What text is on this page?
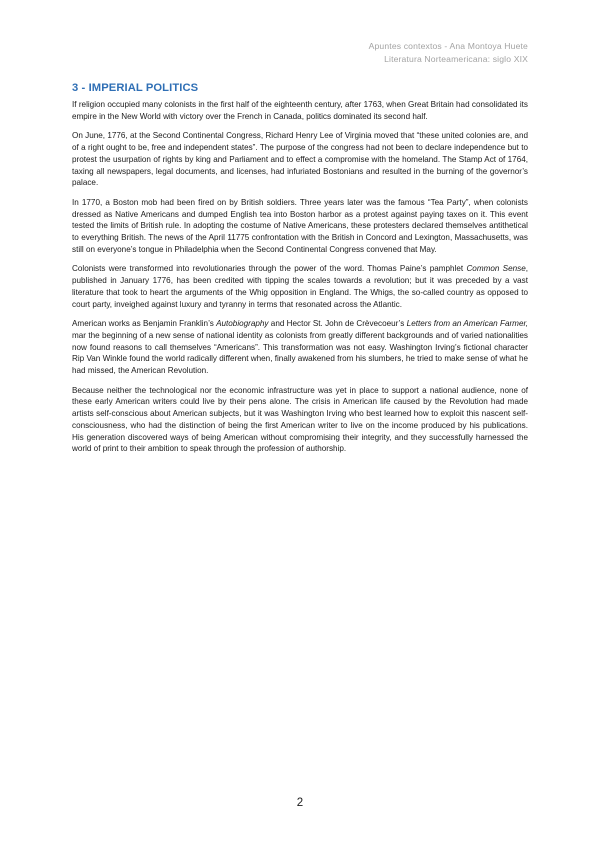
Apuntes contextos - Ana Montoya Huete
Literatura Norteamericana: siglo XIX
3 - IMPERIAL POLITICS

If religion occupied many colonists in the first half of the eighteenth century, after 1763, when Great Britain had consolidated its empire in the New World with victory over the French in Canada, politics dominated its second half.

On June, 1776, at the Second Continental Congress, Richard Henry Lee of Virginia moved that “these united colonies are, and of a right ought to be, free and independent states”. The purpose of the congress had not been to declare independence but to protest the usurpation of rights by king and Parliament and to effect a compromise with the homeland. The Stamp Act of 1764, taxing all newspapers, legal documents, and licenses, had infuriated Bostonians and resulted in the burning of the governor’s palace.

In 1770, a Boston mob had been fired on by British soldiers. Three years later was the famous “Tea Party”, when colonists dressed as Native Americans and dumped English tea into Boston harbor as a protest against paying taxes on it. This event tested the limits of British rule. In adopting the costume of Native Americans, these protesters declared themselves antithetical to everything British. The news of the April 11775 confrontation with the British in Concord and Lexington, Massachusetts, was still on everyone’s tongue in Philadelphia when the Second Continental Congress convened that May.

Colonists were transformed into revolutionaries through the power of the word. Thomas Paine’s pamphlet Common Sense, published in January 1776, has been credited with tipping the scales towards a revolution; but it was preceded by a vast literature that took to heart the arguments of the Whig opposition in England. The Whigs, the so-called country as opposed to court party, inveighed against luxury and tyranny in terms that resonated across the Atlantic.

American works as Benjamin Franklin’s Autobiography and Hector St. John de Crèvecoeur’s Letters from an American Farmer, mar the beginning of a new sense of national identity as colonists from greatly different backgrounds and of varied nationalities now found reasons to call themselves “Americans”. This transformation was not easy. Washington Irving’s fictional character Rip Van Winkle found the world radically different when, finally awakened from his slumbers, he tried to make sense of what he had missed, the American Revolution.

Because neither the technological nor the economic infrastructure was yet in place to support a national audience, none of these early American writers could live by their pens alone. The crisis in American life caused by the Revolution had made artists self-conscious about American subjects, but it was Washington Irving who best learned how to exploit this nascent self-consciousness, who had the distinction of being the first American writer to live on the income produced by his publications. His generation discovered ways of being American without compromising their integrity, and they successfully harnessed the world of print to their ambition to speak through the profession of authorship.

2
